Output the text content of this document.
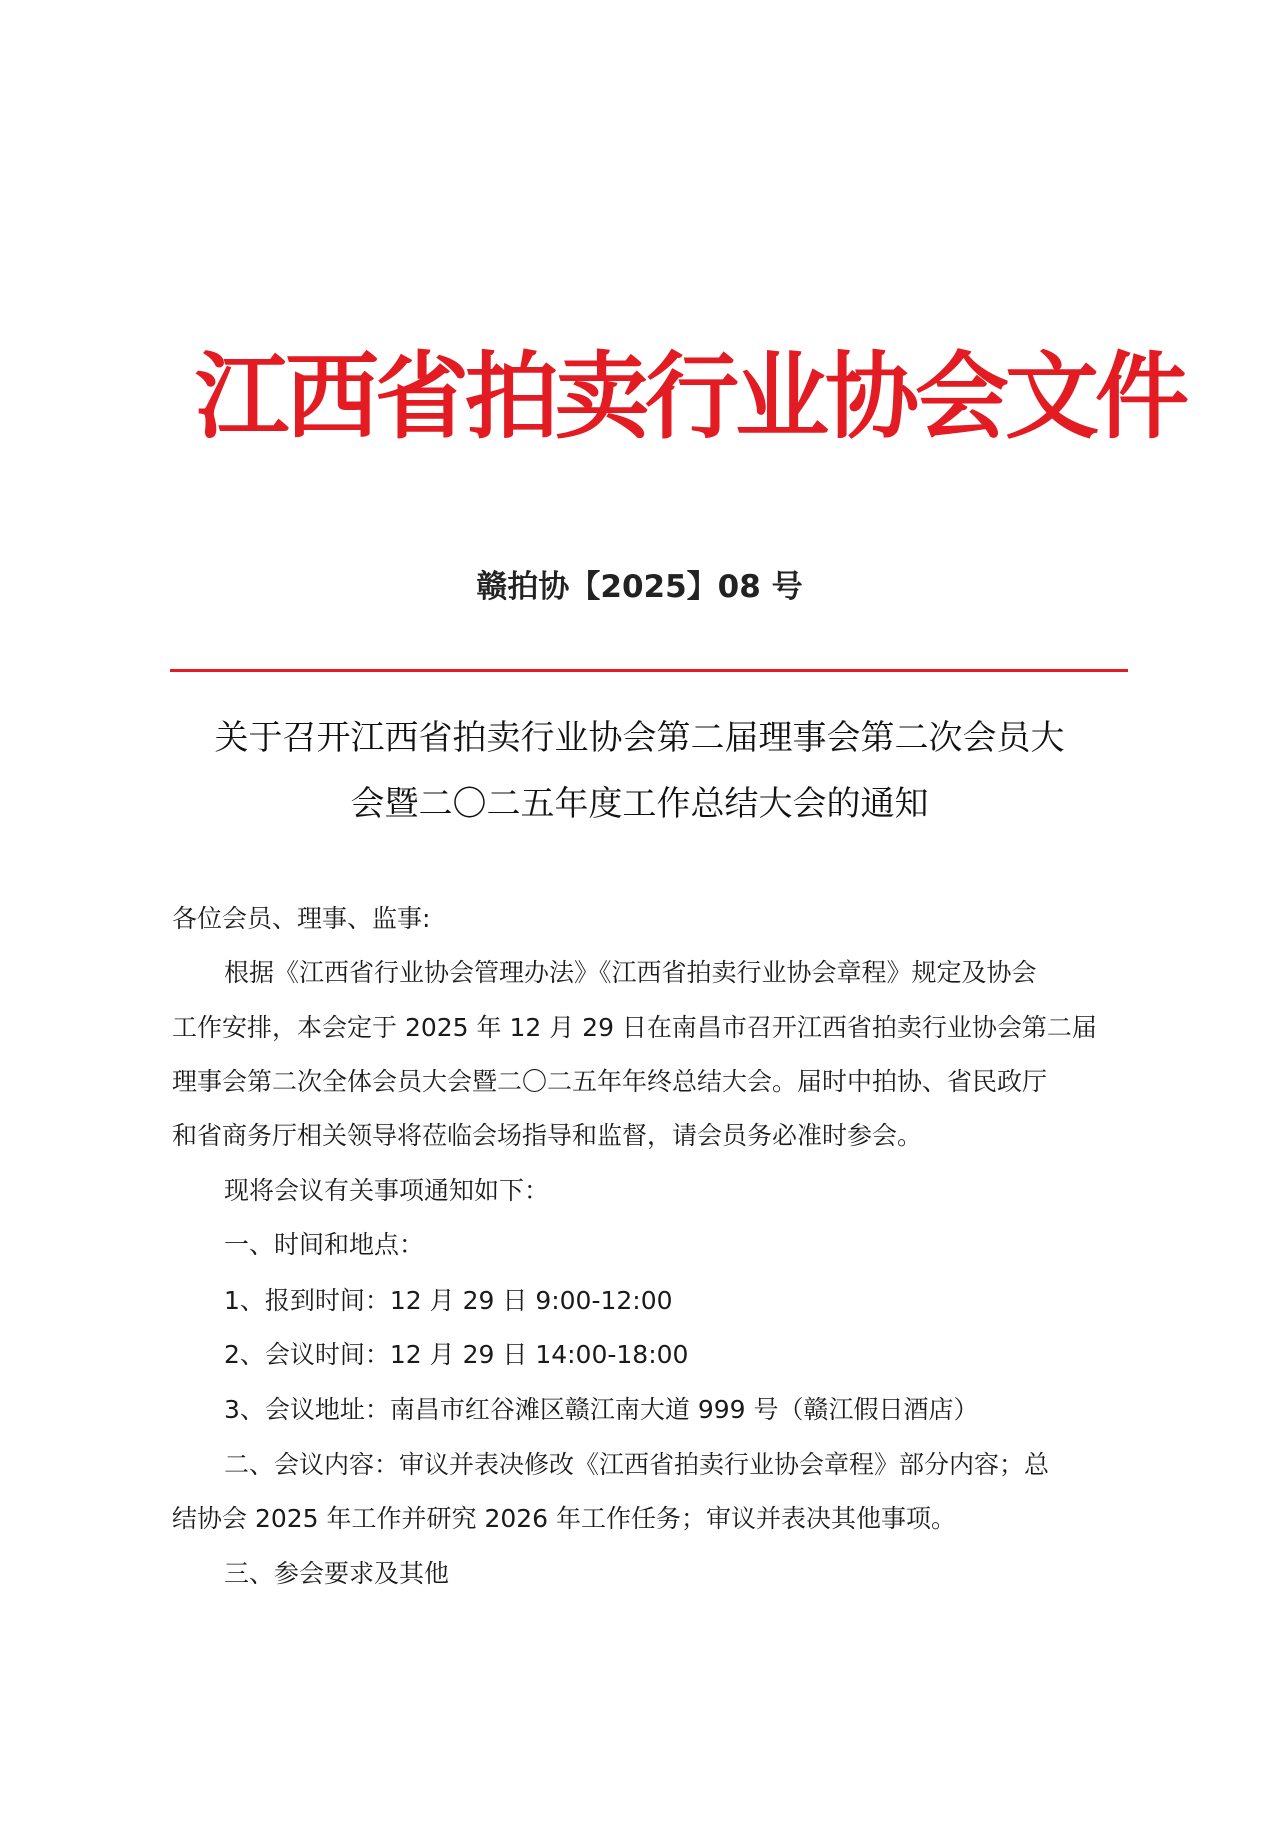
江西省拍卖行业协会文件
赣拍协【2025】08 号
关于召开江西省拍卖行业协会第二届理事会第二次会员大
会暨二〇二五年度工作总结大会的通知
各位会员、理事、监事:
根据《江西省行业协会管理办法》《江西省拍卖行业协会章程》规定及协会
工作安排，本会定于 2025 年 12 月 29 日在南昌市召开江西省拍卖行业协会第二届
理事会第二次全体会员大会暨二〇二五年年终总结大会。届时中拍协、省民政厅
和省商务厅相关领导将莅临会场指导和监督，请会员务必准时参会。
现将会议有关事项通知如下：
一、时间和地点：
1、报到时间：12 月 29 日 9:00-12:00
2、会议时间：12 月 29 日 14:00-18:00
3、会议地址：南昌市红谷滩区赣江南大道 999 号（赣江假日酒店）
二、会议内容：审议并表决修改《江西省拍卖行业协会章程》部分内容；总
结协会 2025 年工作并研究 2026 年工作任务；审议并表决其他事项。
三、参会要求及其他
